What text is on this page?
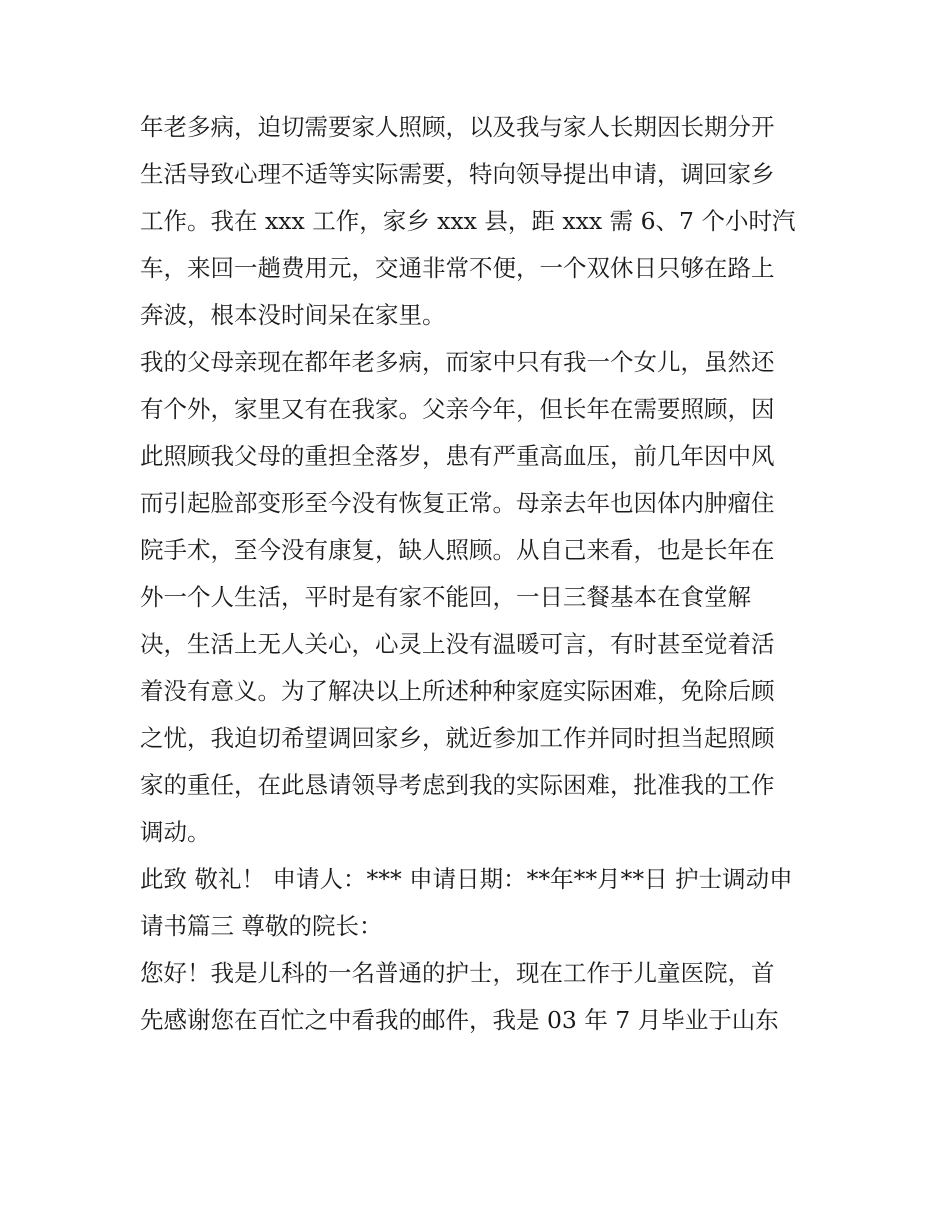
年老多病，迫切需要家人照顾，以及我与家人长期因长期分开
生活导致心理不适等实际需要，特向领导提出申请，调回家乡
工作。我在 xxx 工作，家乡 xxx 县，距 xxx 需 6、7 个小时汽
车，来回一趟费用元，交通非常不便，一个双休日只够在路上
奔波，根本没时间呆在家里。
我的父母亲现在都年老多病，而家中只有我一个女儿，虽然还
有个外，家里又有在我家。父亲今年，但长年在需要照顾，因
此照顾我父母的重担全落岁，患有严重高血压，前几年因中风
而引起脸部变形至今没有恢复正常。母亲去年也因体内肿瘤住
院手术，至今没有康复，缺人照顾。从自己来看，也是长年在
外一个人生活，平时是有家不能回，一日三餐基本在食堂解
决，生活上无人关心，心灵上没有温暖可言，有时甚至觉着活
着没有意义。为了解决以上所述种种家庭实际困难，免除后顾
之忧，我迫切希望调回家乡，就近参加工作并同时担当起照顾
家的重任，在此恳请领导考虑到我的实际困难，批准我的工作
调动。
此致 敬礼！ 申请人：*** 申请日期：**年**月**日 护士调动申
请书篇三 尊敬的院长：
您好！我是儿科的一名普通的护士，现在工作于儿童医院，首
先感谢您在百忙之中看我的邮件，我是 03 年 7 月毕业于山东
